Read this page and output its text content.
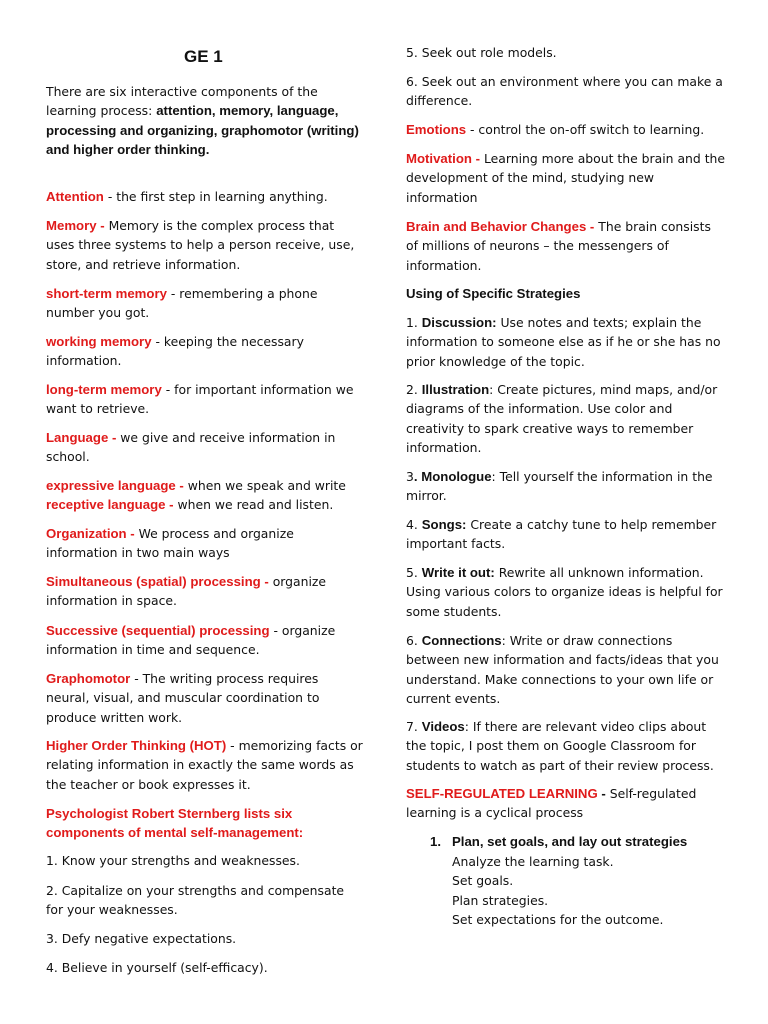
GE 1

There are six interactive components of the learning process: attention, memory, language, processing and organizing, graphomotor (writing) and higher order thinking.

Attention - the first step in learning anything.

Memory - Memory is the complex process that uses three systems to help a person receive, use, store, and retrieve information.

short-term memory - remembering a phone number you got.

working memory - keeping the necessary information.

long-term memory - for important information we want to retrieve.

Language - we give and receive information in school.

expressive language - when we speak and write
receptive language - when we read and listen.

Organization - We process and organize information in two main ways

Simultaneous (spatial) processing - organize information in space.

Successive (sequential) processing - organize information in time and sequence.

Graphomotor - The writing process requires neural, visual, and muscular coordination to produce written work.

Higher Order Thinking (HOT) - memorizing facts or relating information in exactly the same words as the teacher or book expresses it.

Psychologist Robert Sternberg lists six components of mental self-management:

1. Know your strengths and weaknesses.

2. Capitalize on your strengths and compensate for your weaknesses.

3. Defy negative expectations.

4. Believe in yourself (self-efficacy).

5. Seek out role models.

6. Seek out an environment where you can make a difference.

Emotions - control the on-off switch to learning.

Motivation - Learning more about the brain and the development of the mind, studying new information

Brain and Behavior Changes - The brain consists of millions of neurons – the messengers of information.

Using of Specific Strategies

1. Discussion: Use notes and texts; explain the information to someone else as if he or she has no prior knowledge of the topic.

2. Illustration: Create pictures, mind maps, and/or diagrams of the information. Use color and creativity to spark creative ways to remember information.

3. Monologue: Tell yourself the information in the mirror.

4. Songs: Create a catchy tune to help remember important facts.

5. Write it out: Rewrite all unknown information. Using various colors to organize ideas is helpful for some students.

6. Connections: Write or draw connections between new information and facts/ideas that you understand. Make connections to your own life or current events.

7. Videos: If there are relevant video clips about the topic, I post them on Google Classroom for students to watch as part of their review process.

SELF-REGULATED LEARNING - Self-regulated learning is a cyclical process

1. Plan, set goals, and lay out strategies

Analyze the learning task.
Set goals.
Plan strategies.
Set expectations for the outcome.
